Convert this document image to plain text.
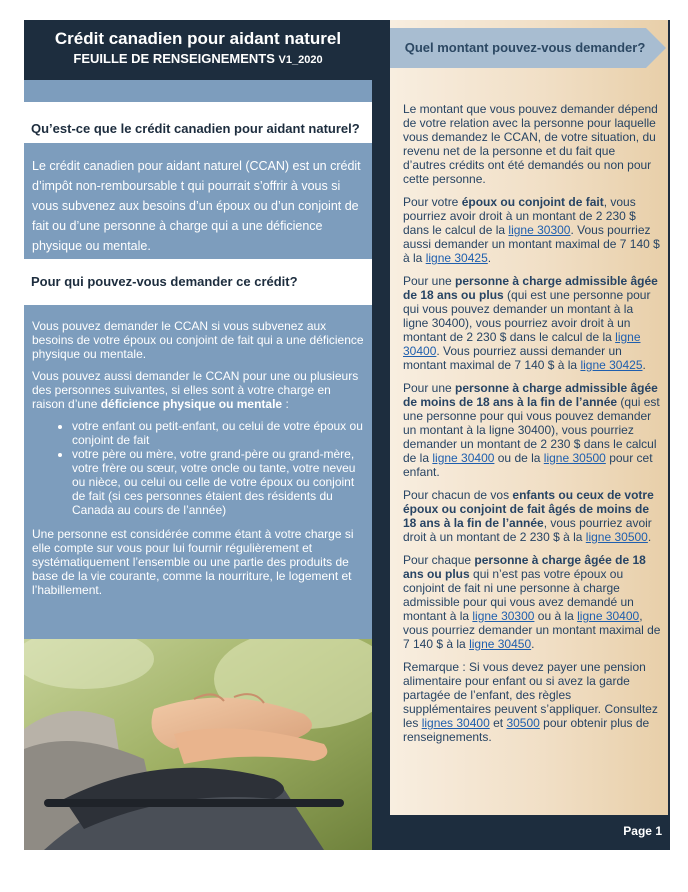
Crédit canadien pour aidant naturel
FEUILLE DE RENSEIGNEMENTS V1_2020
Qu’est-ce que le crédit canadien pour aidant naturel?
Le crédit canadien pour aidant naturel (CCAN) est un crédit d’impôt non-remboursable t qui pourrait s’offrir à vous si vous subvenez aux besoins d’un époux ou d’un conjoint de fait ou d’une personne à charge qui a une déficience physique ou mentale.
Pour qui pouvez-vous demander ce crédit?

Vous pouvez demander le CCAN si vous subvenez aux besoins de votre époux ou conjoint de fait qui a une déficience physique ou mentale.

Vous pouvez aussi demander le CCAN pour une ou plusieurs des personnes suivantes, si elles sont à votre charge en raison d’une déficience physique ou mentale :

• votre enfant ou petit-enfant, ou celui de votre époux ou conjoint de fait
• votre père ou mère, votre grand-père ou grand-mère, votre frère ou sœur, votre oncle ou tante, votre neveu ou nièce, ou celui ou celle de votre époux ou conjoint de fait (si ces personnes étaient des résidents du Canada au cours de l’année)

Une personne est considérée comme étant à votre charge si elle compte sur vous pour lui fournir régulièrement et systématiquement l’ensemble ou une partie des produits de base de la vie courante, comme la nourriture, le logement et l’habillement.

Quel montant pouvez-vous demander?

Le montant que vous pouvez demander dépend de votre relation avec la personne pour laquelle vous demandez le CCAN, de votre situation, du revenu net de la personne et du fait que d’autres crédits ont été demandés ou non pour cette personne.

Pour votre époux ou conjoint de fait, vous pourriez avoir droit à un montant de 2 230 $ dans le calcul de la ligne 30300. Vous pourriez aussi demander un montant maximal de 7 140 $ à la ligne 30425.

Pour une personne à charge admissible âgée de 18 ans ou plus (qui est une personne pour qui vous pouvez demander un montant à la ligne 30400), vous pourriez avoir droit à un montant de 2 230 $ dans le calcul de la ligne 30400. Vous pourriez aussi demander un montant maximal de 7 140 $ à la ligne 30425.

Pour une personne à charge admissible âgée de moins de 18 ans à la fin de l’année (qui est une personne pour qui vous pouvez demander un montant à la ligne 30400), vous pourriez demander un montant de 2 230 $ dans le calcul de la ligne 30400 ou de la ligne 30500 pour cet enfant.

Pour chacun de vos enfants ou ceux de votre époux ou conjoint de fait âgés de moins de 18 ans à la fin de l’année, vous pourriez avoir droit à un montant de 2 230 $ à la ligne 30500.

Pour chaque personne à charge âgée de 18 ans ou plus qui n’est pas votre époux ou conjoint de fait ni une personne à charge admissible pour qui vous avez demandé un montant à la ligne 30300 ou à la ligne 30400, vous pourriez demander un montant maximal de 7 140 $ à la ligne 30450.

Remarque : Si vous devez payer une pension alimentaire pour enfant ou si avez la garde partagée de l’enfant, des règles supplémentaires peuvent s’appliquer. Consultez les lignes 30400 et 30500 pour obtenir plus de renseignements.

Page 1
